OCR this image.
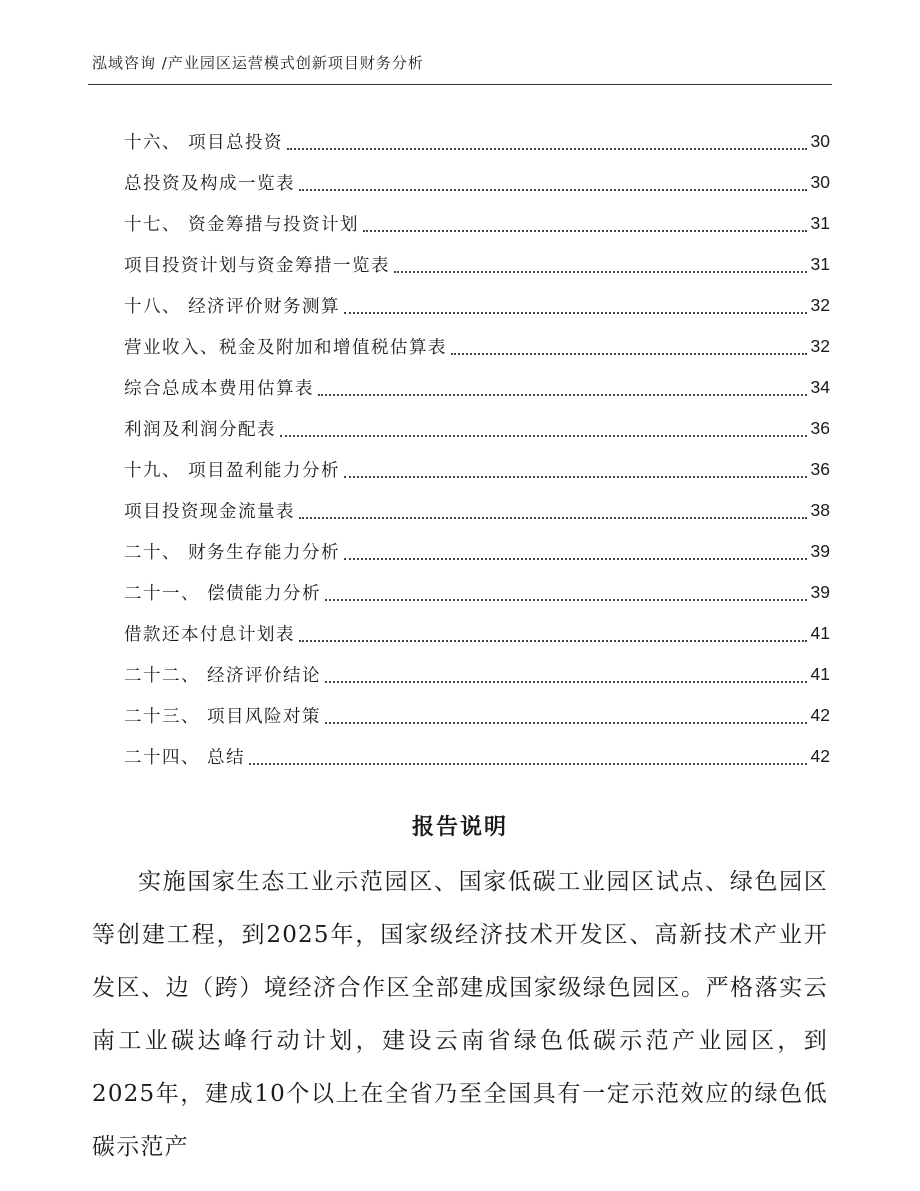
泓域咨询 /产业园区运营模式创新项目财务分析
十六、 项目总投资	30
总投资及构成一览表	30
十七、 资金筹措与投资计划	31
项目投资计划与资金筹措一览表	31
十八、 经济评价财务测算	32
营业收入、税金及附加和增值税估算表	32
综合总成本费用估算表	34
利润及利润分配表	36
十九、 项目盈利能力分析	36
项目投资现金流量表	38
二十、 财务生存能力分析	39
二十一、 偿债能力分析	39
借款还本付息计划表	41
二十二、 经济评价结论	41
二十三、 项目风险对策	42
二十四、 总结	42
报告说明

实施国家生态工业示范园区、国家低碳工业园区试点、绿色园区等创建工程，到2025年，国家级经济技术开发区、高新技术产业开发区、边（跨）境经济合作区全部建成国家级绿色园区。严格落实云南工业碳达峰行动计划，建设云南省绿色低碳示范产业园区，到2025年，建成10个以上在全省乃至全国具有一定示范效应的绿色低碳示范产
